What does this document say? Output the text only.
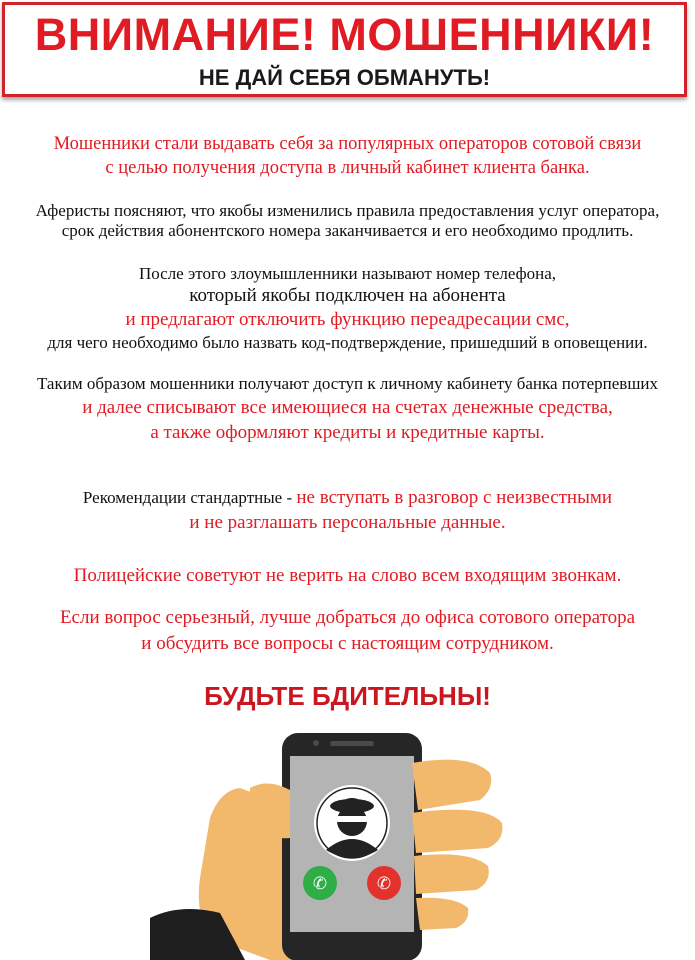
ВНИМАНИЕ! МОШЕННИКИ!
НЕ ДАЙ СЕБЯ ОБМАНУТЬ!
Мошенники стали выдавать себя за популярных операторов сотовой связи
с целью получения доступа в личный кабинет клиента банка.
Аферисты поясняют, что якобы изменились правила предоставления услуг оператора,
срок действия абонентского номера заканчивается и его необходимо продлить.
После этого злоумышленники называют номер телефона,
который якобы подключен на абонента
и предлагают отключить функцию переадресации смс,
для чего необходимо было назвать код-подтверждение, пришедший в оповещении.
Таким образом мошенники получают доступ к личному кабинету банка потерпевших
и далее списывают все имеющиеся на счетах денежные средства,
а также оформляют кредиты и кредитные карты.
Рекомендации стандартные - не вступать в разговор с неизвестными
и не разглашать персональные данные.
Полицейские советуют не верить на слово всем входящим звонкам.
Если вопрос серьезный, лучше добраться до офиса сотового оператора
и обсудить все вопросы с настоящим сотрудником.
БУДЬТЕ БДИТЕЛЬНЫ!
✆	✆
